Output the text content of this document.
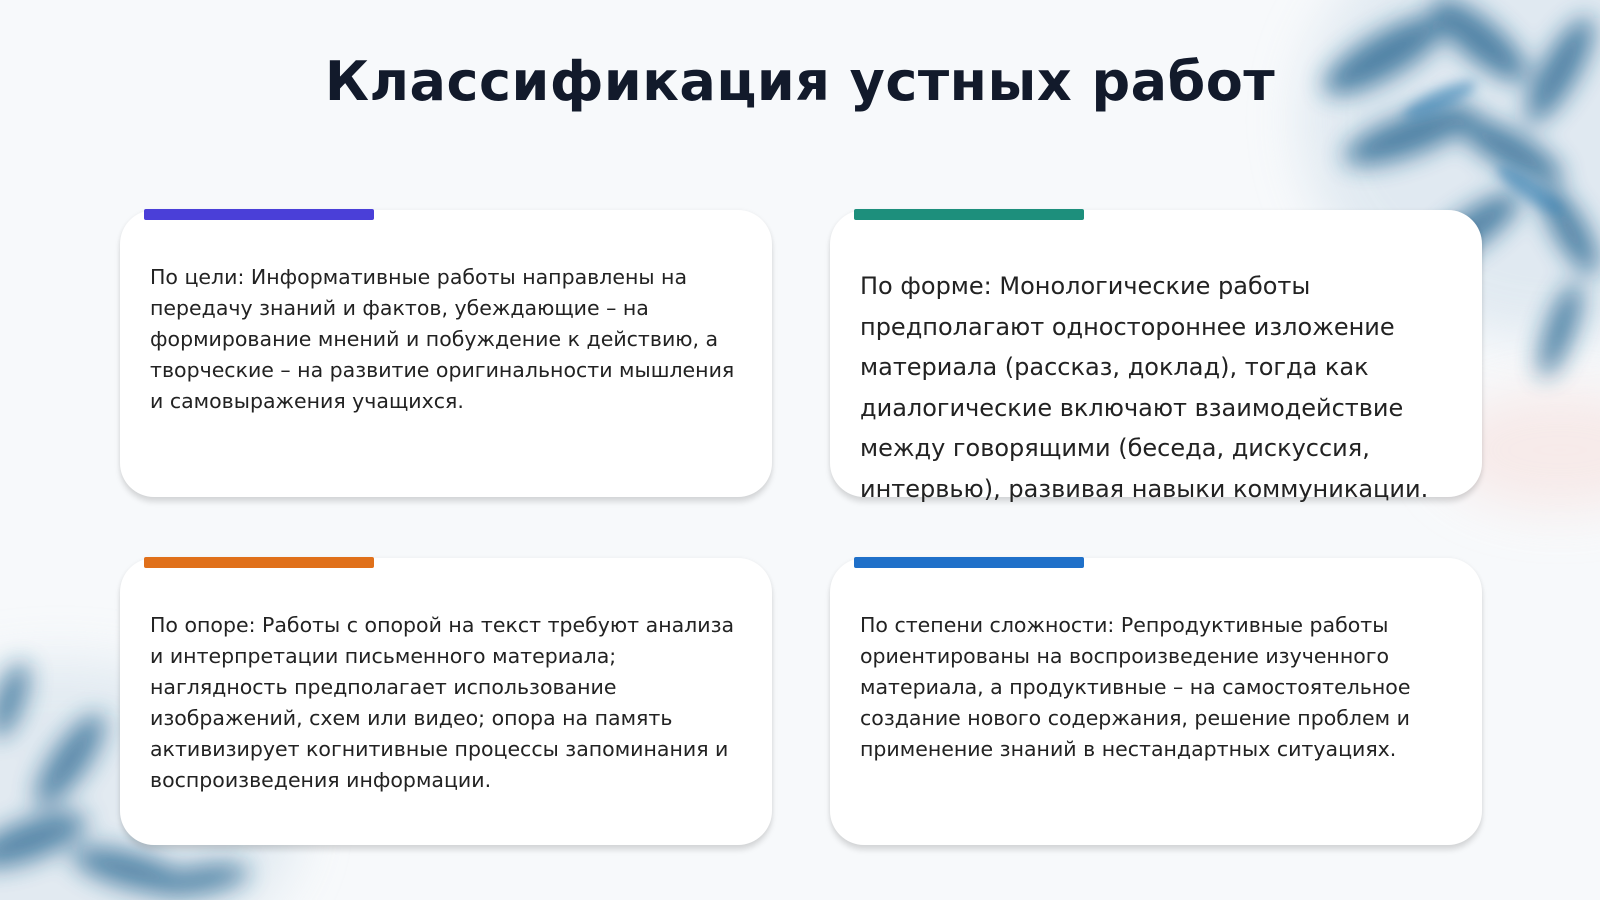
Классификация устных работ

По цели: Информативные работы направлены на передачу знаний и фактов, убеждающие – на формирование мнений и побуждение к действию, а творческие – на развитие оригинальности мышления и самовыражения учащихся.

По форме: Монологические работы предполагают одностороннее изложение материала (рассказ, доклад), тогда как диалогические включают взаимодействие между говорящими (беседа, дискуссия, интервью), развивая навыки коммуникации.

По опоре: Работы с опорой на текст требуют анализа и интерпретации письменного материала; наглядность предполагает использование изображений, схем или видео; опора на память активизирует когнитивные процессы запоминания и воспроизведения информации.

По степени сложности: Репродуктивные работы ориентированы на воспроизведение изученного материала, а продуктивные – на самостоятельное создание нового содержания, решение проблем и применение знаний в нестандартных ситуациях.
